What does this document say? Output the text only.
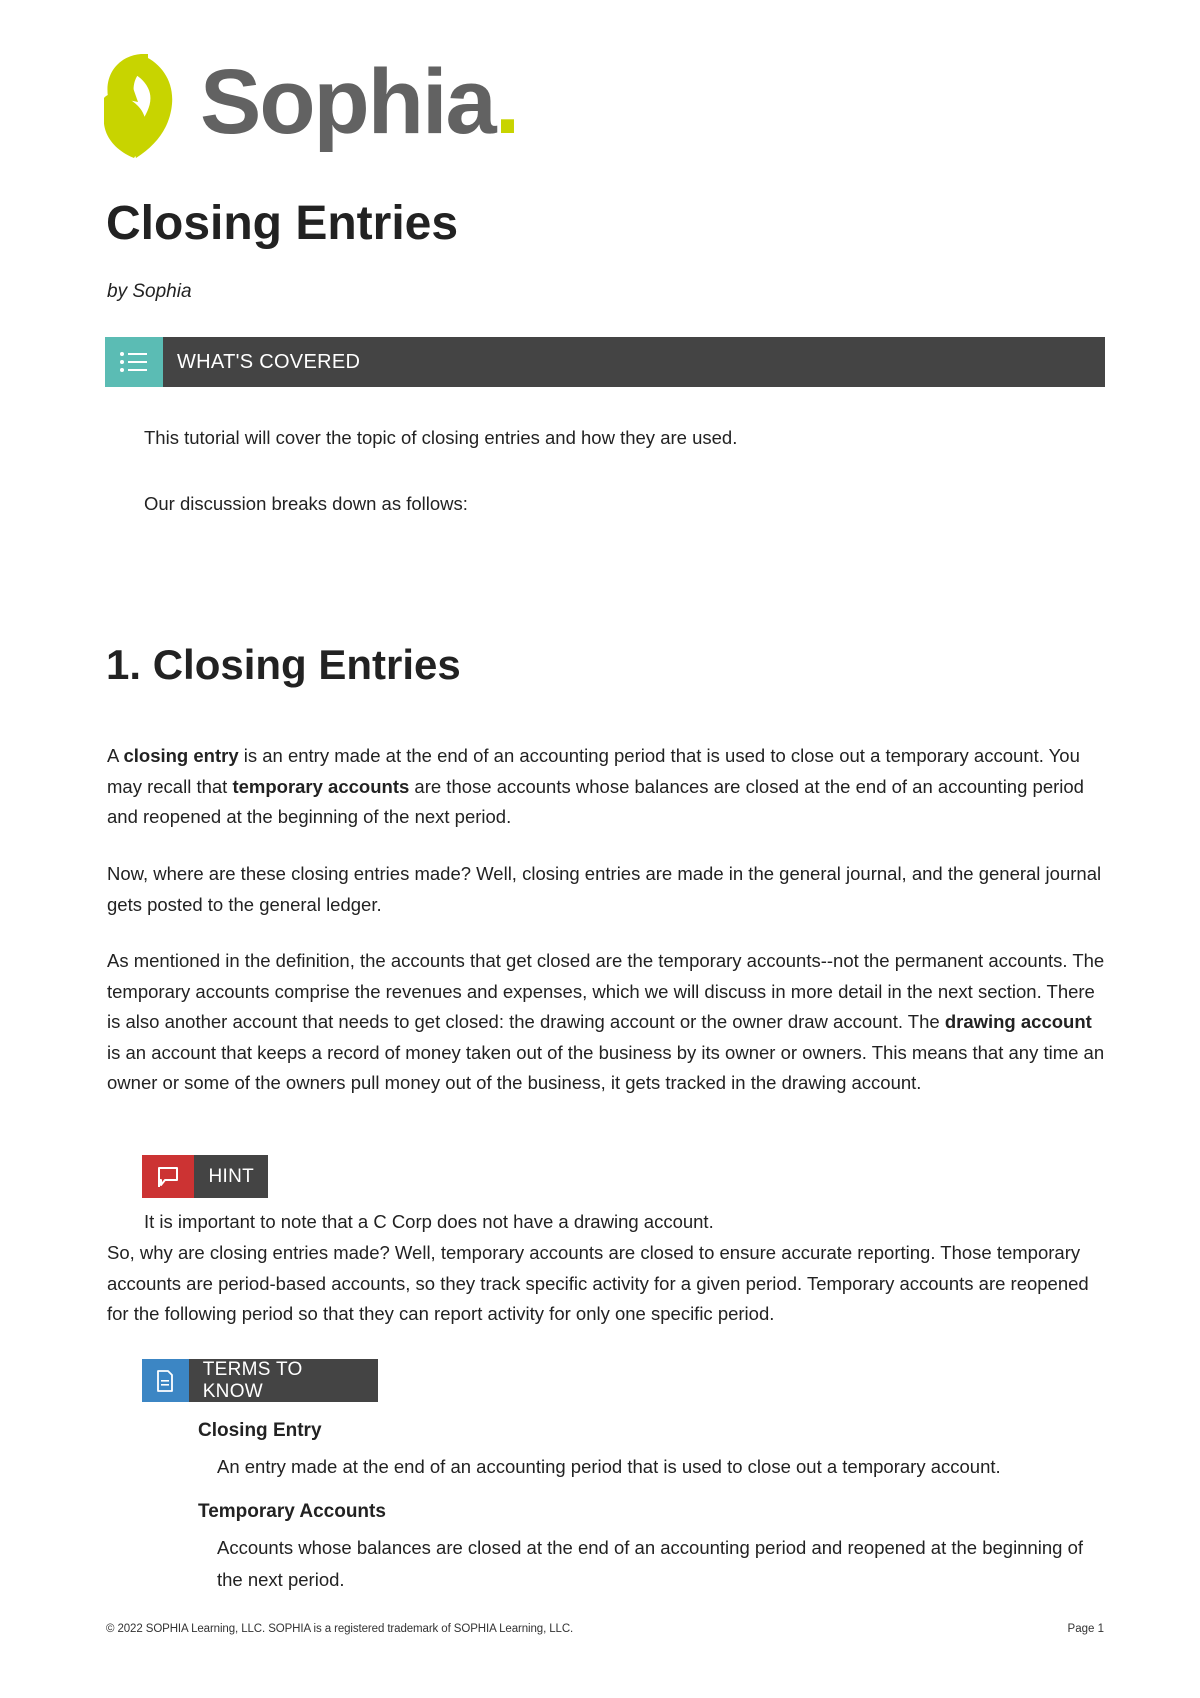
Sophia.
Closing Entries
by Sophia
WHAT'S COVERED

This tutorial will cover the topic of closing entries and how they are used.

Our discussion breaks down as follows:

1. Closing Entries

A closing entry is an entry made at the end of an accounting period that is used to close out a temporary account. You may recall that temporary accounts are those accounts whose balances are closed at the end of an accounting period and reopened at the beginning of the next period.

Now, where are these closing entries made? Well, closing entries are made in the general journal, and the general journal gets posted to the general ledger.

As mentioned in the definition, the accounts that get closed are the temporary accounts--not the permanent accounts. The temporary accounts comprise the revenues and expenses, which we will discuss in more detail in the next section. There is also another account that needs to get closed: the drawing account or the owner draw account. The drawing account is an account that keeps a record of money taken out of the business by its owner or owners. This means that any time an owner or some of the owners pull money out of the business, it gets tracked in the drawing account.

HINT

It is important to note that a C Corp does not have a drawing account.

So, why are closing entries made? Well, temporary accounts are closed to ensure accurate reporting. Those temporary accounts are period-based accounts, so they track specific activity for a given period. Temporary accounts are reopened for the following period so that they can report activity for only one specific period.

TERMS TO KNOW
Closing Entry

An entry made at the end of an accounting period that is used to close out a temporary account.

Temporary Accounts

Accounts whose balances are closed at the end of an accounting period and reopened at the beginning of the next period.

© 2022 SOPHIA Learning, LLC. SOPHIA is a registered trademark of SOPHIA Learning, LLC.	Page 1
